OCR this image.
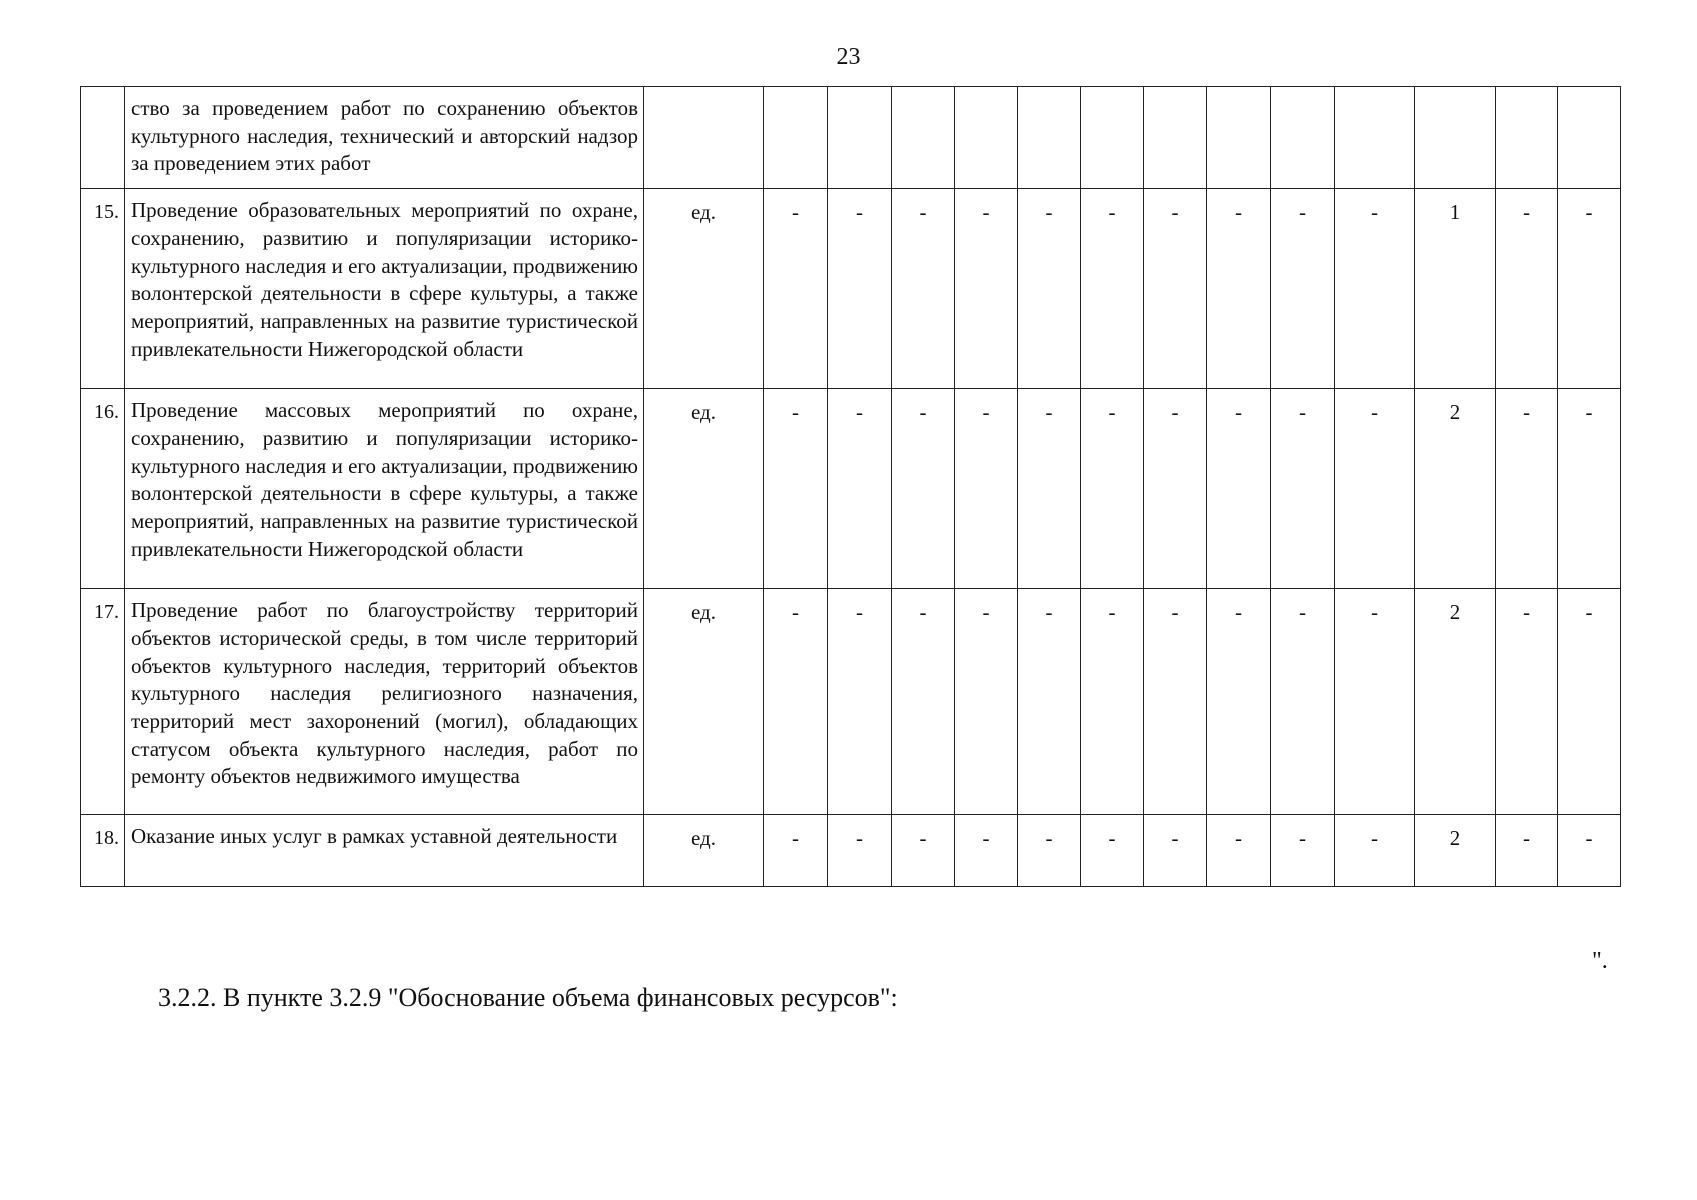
23
	ство за проведением работ по сохранению объектов культурного наследия, технический и авторский надзор за проведением этих работ														
15.	Проведение образовательных мероприятий по охране, сохранению, развитию и популяризации историко-культурного наследия и его актуализации, продвижению волонтерской деятельности в сфере культуры, а также мероприятий, направленных на развитие туристической привлекательности Нижегородской области	ед.	-	-	-	-	-	-	-	-	-	-	1	-	-
16.	Проведение массовых мероприятий по охране, сохранению, развитию и популяризации историко-культурного наследия и его актуализации, продвижению волонтерской деятельности в сфере культуры, а также мероприятий, направленных на развитие туристической привлекательности Нижегородской области	ед.	-	-	-	-	-	-	-	-	-	-	2	-	-
17.	Проведение работ по благоустройству территорий объектов исторической среды, в том числе территорий объектов культурного наследия, территорий объектов культурного наследия религиозного назначения, территорий мест захоронений (могил), обладающих статусом объекта культурного наследия, работ по ремонту объектов недвижимого имущества	ед.	-	-	-	-	-	-	-	-	-	-	2	-	-
18.	Оказание иных услуг в рамках уставной деятельности	ед.	-	-	-	-	-	-	-	-	-	-	2	-	-
".
3.2.2. В пункте 3.2.9 "Обоснование объема финансовых ресурсов":
